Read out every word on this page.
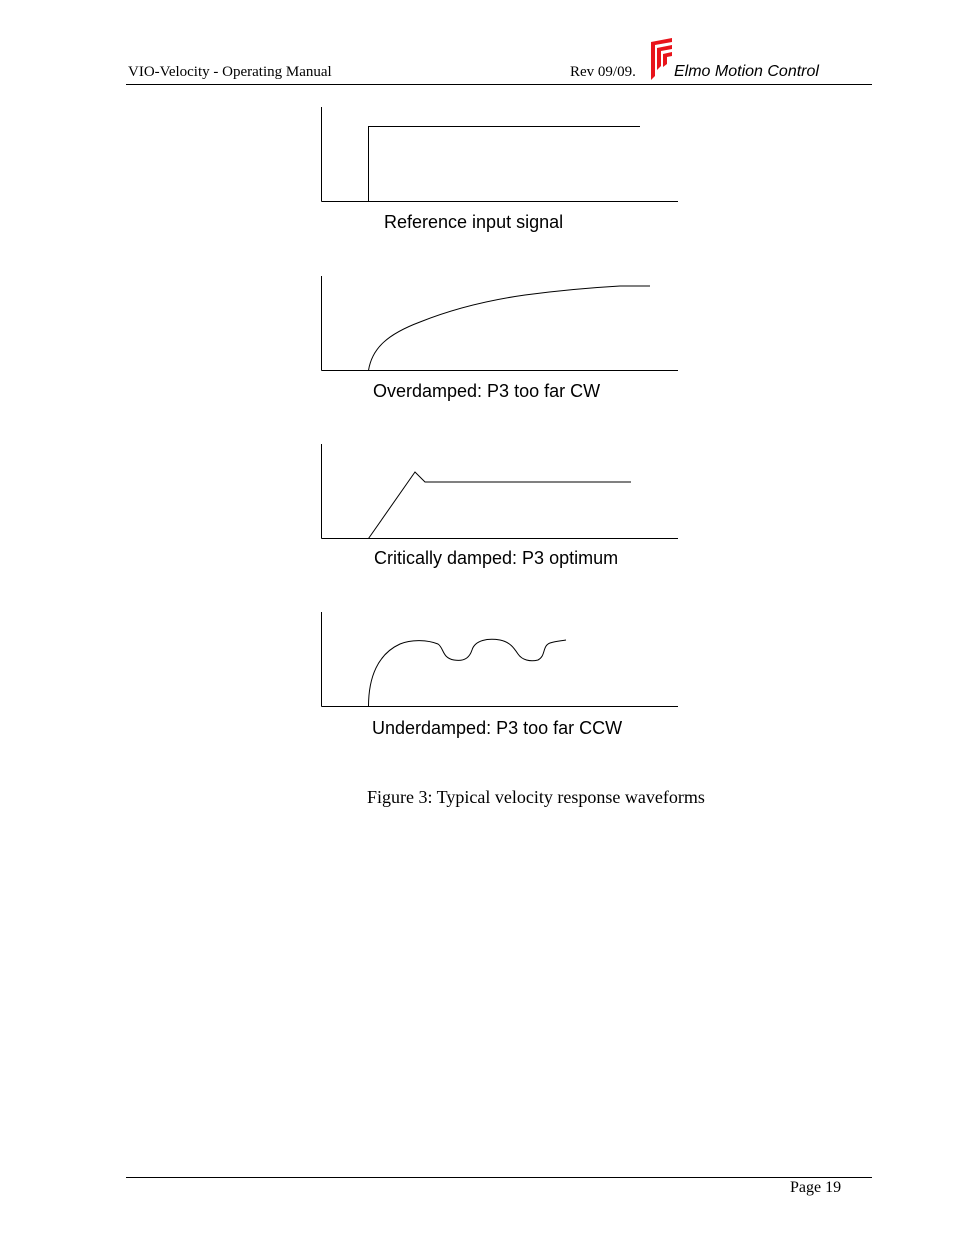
VIO-Velocity - Operating Manual	Rev 09/09. Elmo Motion Control
Reference input signal
Overdamped: P3 too far CW
Critically damped: P3 optimum
Underdamped: P3 too far CCW
Figure 3: Typical velocity response waveforms
Page 19
